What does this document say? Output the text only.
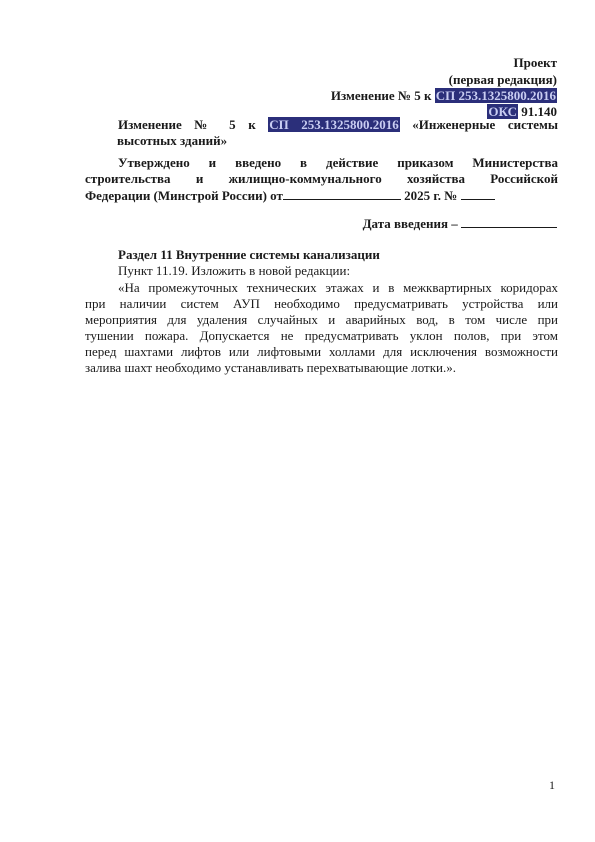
Проект
(первая редакция)
Изменение № 5 к СП 253.1325800.2016
ОКС 91.140
Изменение № 5 к СП 253.1325800.2016 «Инженерные системы
высотных зданий»
Утверждено и введено в действие приказом Министерства
строительства и жилищно-коммунального хозяйства Российской
Федерации (Минстрой России) от	2025 г. №
Дата введения –
Раздел 11 Внутренние системы канализации
Пункт 11.19. Изложить в новой редакции:
«На промежуточных технических этажах и в межквартирных коридорах
при наличии систем АУП необходимо предусматривать устройства или
мероприятия для удаления случайных и аварийных вод, в том числе при
тушении пожара. Допускается не предусматривать уклон полов, при этом
перед шахтами лифтов или лифтовыми холлами для исключения возможности
залива шахт необходимо устанавливать перехватывающие лотки.».
1
